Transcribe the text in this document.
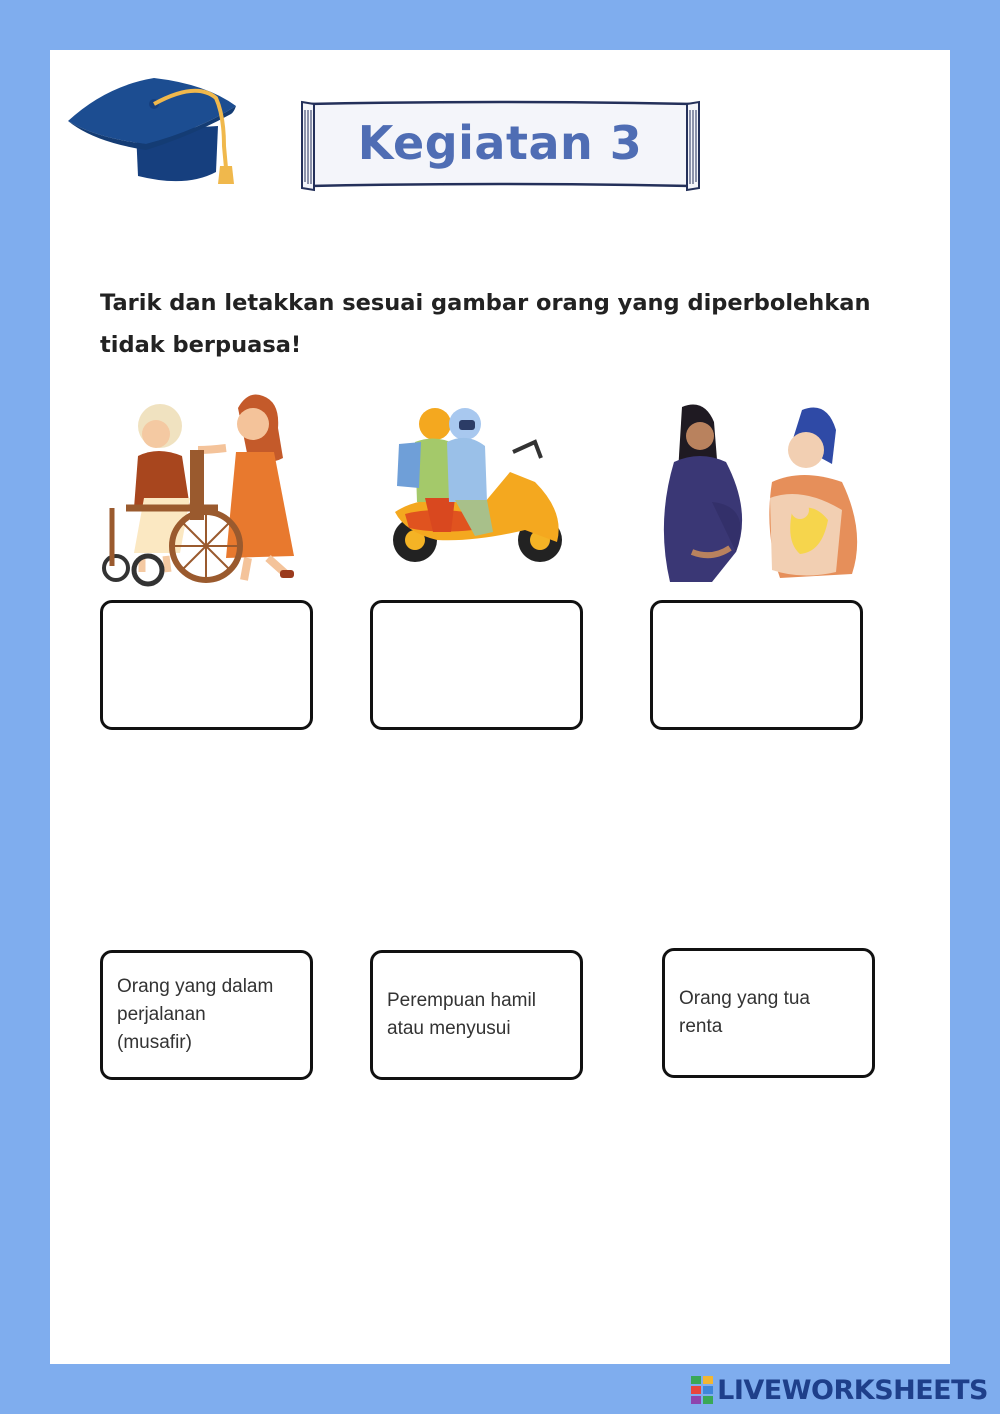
Kegiatan 3
Tarik dan letakkan sesuai gambar orang yang diperbolehkan
tidak berpuasa!
Orang yang dalam
perjalanan
(musafir)
Perempuan hamil
atau menyusui
Orang yang tua
renta
LIVEWORKSHEETS
